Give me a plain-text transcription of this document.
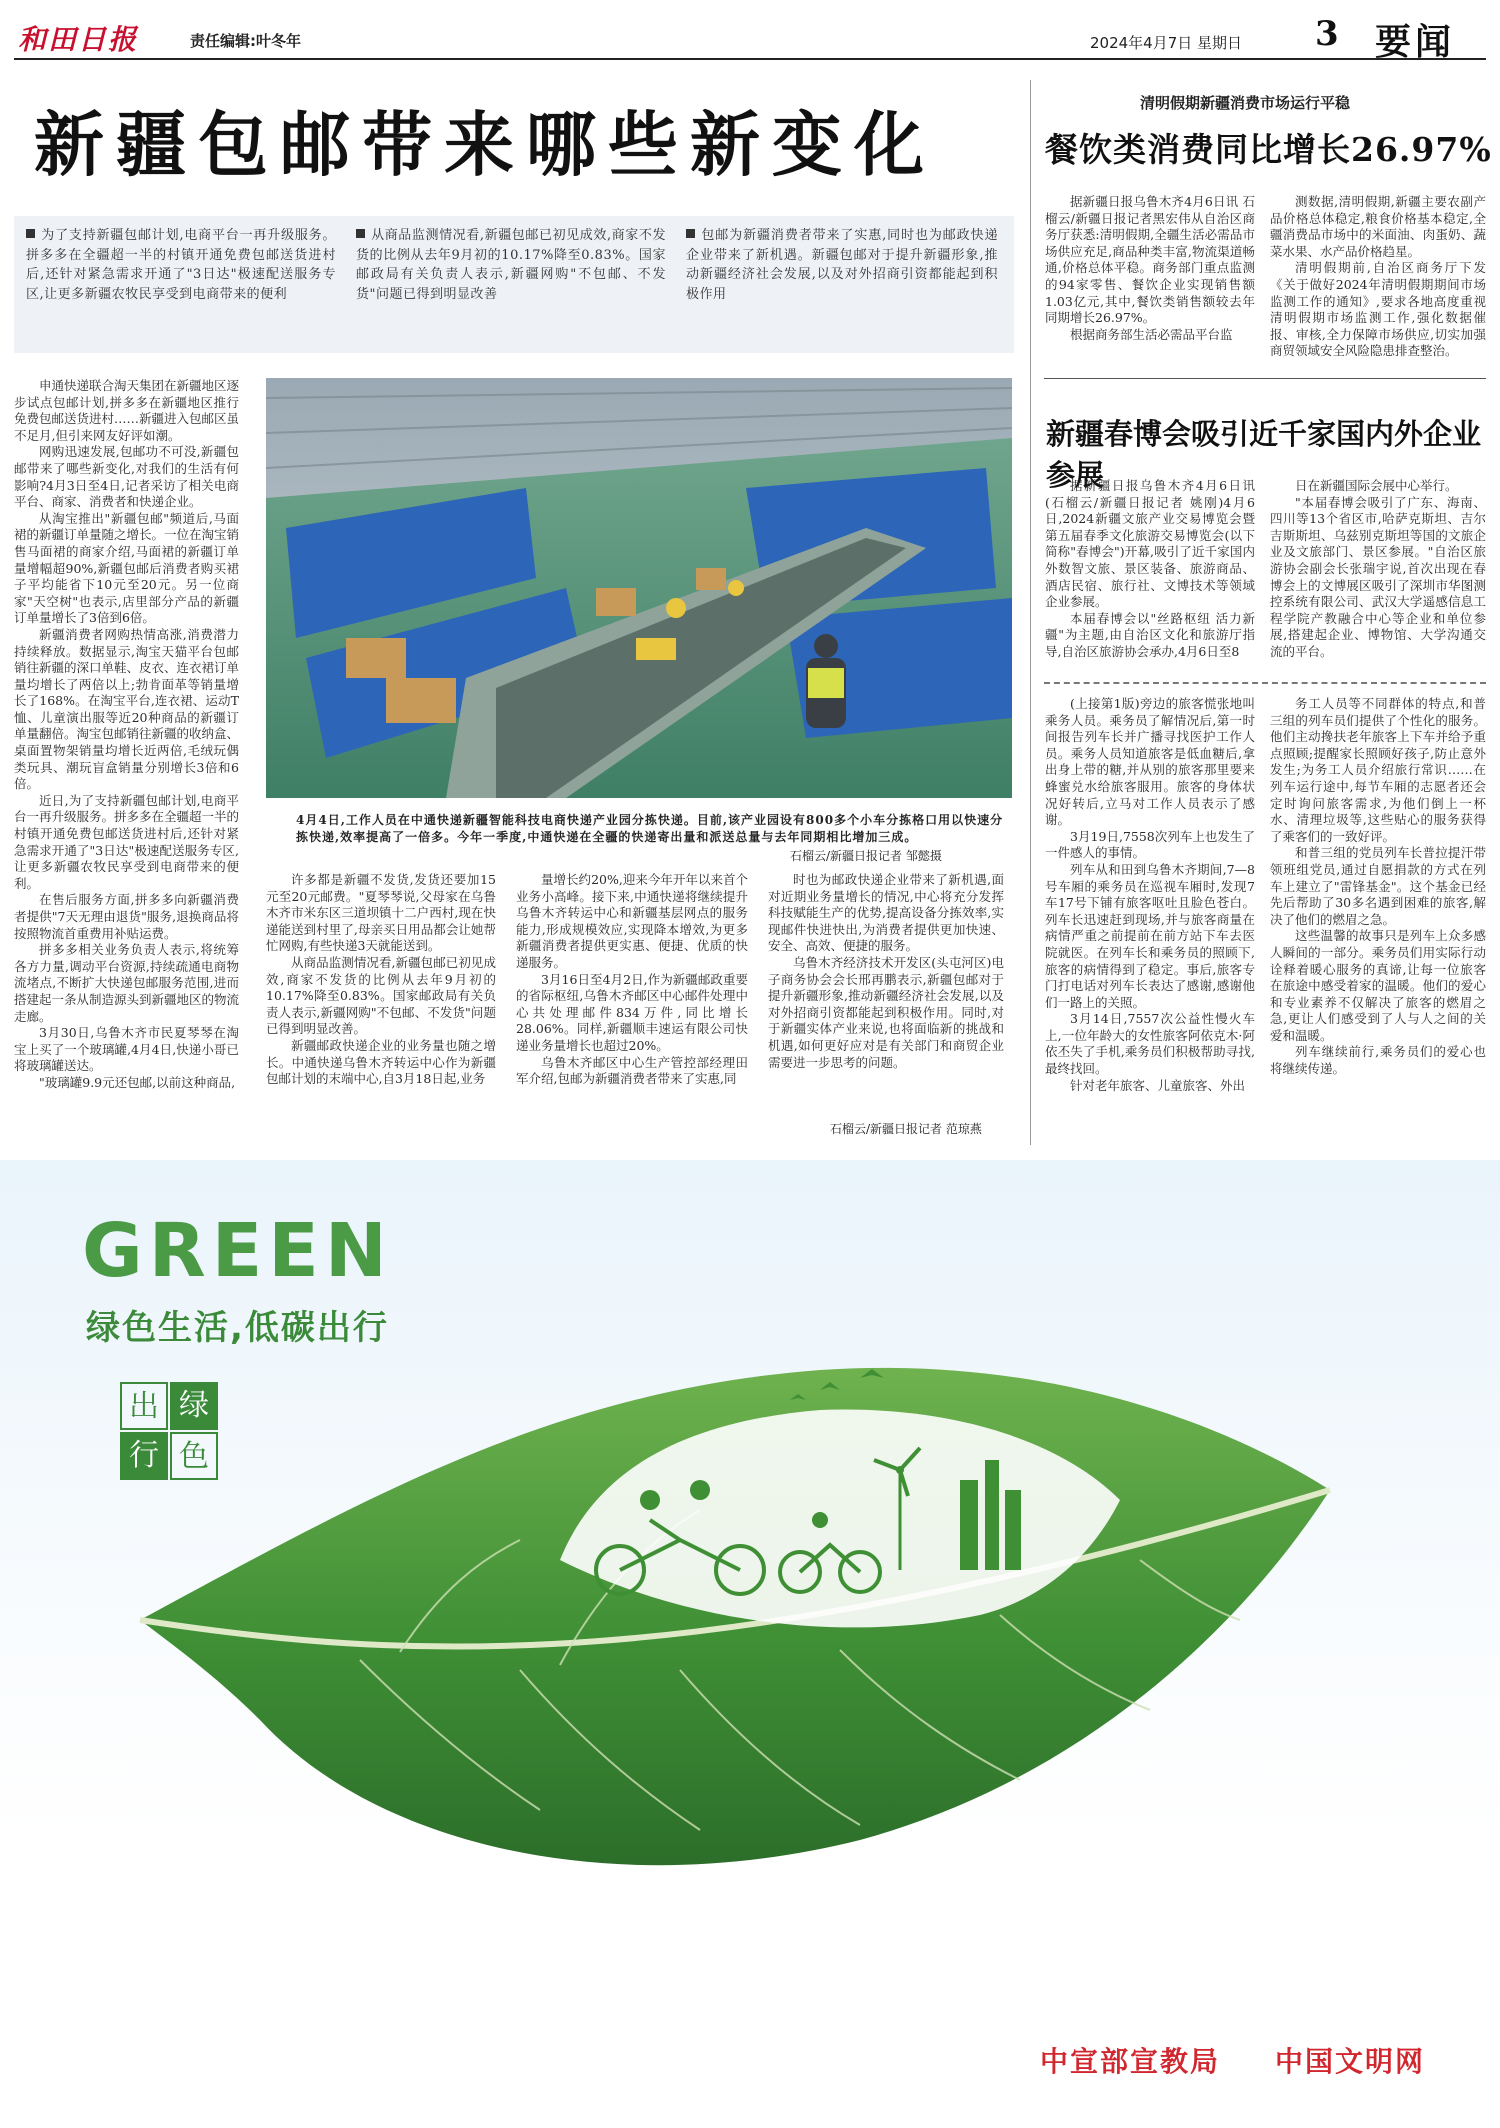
和田日报	责任编辑:叶冬年	2024年4月7日 星期日 3 要闻
新疆包邮带来哪些新变化
为了支持新疆包邮计划,电商平台一再升级服务。拼多多在全疆超一半的村镇开通免费包邮送货进村后,还针对紧急需求开通了"3日达"极速配送服务专区,让更多新疆农牧民享受到电商带来的便利
从商品监测情况看,新疆包邮已初见成效,商家不发货的比例从去年9月初的10.17%降至0.83%。国家邮政局有关负责人表示,新疆网购"不包邮、不发货"问题已得到明显改善
包邮为新疆消费者带来了实惠,同时也为邮政快递企业带来了新机遇。新疆包邮对于提升新疆形象,推动新疆经济社会发展,以及对外招商引资都能起到积极作用

申通快递联合淘天集团在新疆地区逐步试点包邮计划,拼多多在新疆地区推行免费包邮送货进村……新疆进入包邮区虽不足月,但引来网友好评如潮。

网购迅速发展,包邮功不可没,新疆包邮带来了哪些新变化,对我们的生活有何影响?4月3日至4日,记者采访了相关电商平台、商家、消费者和快递企业。

从淘宝推出"新疆包邮"频道后,马面裙的新疆订单量随之增长。一位在淘宝销售马面裙的商家介绍,马面裙的新疆订单量增幅超90%,新疆包邮后消费者购买裙子平均能省下10元至20元。另一位商家"天空树"也表示,店里部分产品的新疆订单量增长了3倍到6倍。

新疆消费者网购热情高涨,消费潜力持续释放。数据显示,淘宝天猫平台包邮销往新疆的深口单鞋、皮衣、连衣裙订单量均增长了两倍以上;勃肯面革等销量增长了168%。在淘宝平台,连衣裙、运动T恤、儿童演出服等近20种商品的新疆订单量翻倍。淘宝包邮销往新疆的收纳盒、桌面置物架销量均增长近两倍,毛绒玩偶类玩具、潮玩盲盒销量分别增长3倍和6倍。

近日,为了支持新疆包邮计划,电商平台一再升级服务。拼多多在全疆超一半的村镇开通免费包邮送货进村后,还针对紧急需求开通了"3日达"极速配送服务专区,让更多新疆农牧民享受到电商带来的便利。

在售后服务方面,拼多多向新疆消费者提供"7天无理由退货"服务,退换商品将按照物流首重费用补贴运费。

拼多多相关业务负责人表示,将统筹各方力量,调动平台资源,持续疏通电商物流堵点,不断扩大快递包邮服务范围,进而搭建起一条从制造源头到新疆地区的物流走廊。

3月30日,乌鲁木齐市民夏琴琴在淘宝上买了一个玻璃罐,4月4日,快递小哥已将玻璃罐送达。

"玻璃罐9.9元还包邮,以前这种商品,

4月4日,工作人员在中通快递新疆智能科技电商快递产业园分拣快递。目前,该产业园设有800多个小车分拣格口用以快速分拣快递,效率提高了一倍多。今年一季度,中通快递在全疆的快递寄出量和派送总量与去年同期相比增加三成。
石榴云/新疆日报记者 邹懿摄

许多都是新疆不发货,发货还要加15元至20元邮费。"夏琴琴说,父母家在乌鲁木齐市米东区三道坝镇十二户西村,现在快递能送到村里了,母亲买日用品都会让她帮忙网购,有些快递3天就能送到。

从商品监测情况看,新疆包邮已初见成效,商家不发货的比例从去年9月初的10.17%降至0.83%。国家邮政局有关负责人表示,新疆网购"不包邮、不发货"问题已得到明显改善。

新疆邮政快递企业的业务量也随之增长。中通快递乌鲁木齐转运中心作为新疆包邮计划的末端中心,自3月18日起,业务

量增长约20%,迎来今年开年以来首个业务小高峰。接下来,中通快递将继续提升乌鲁木齐转运中心和新疆基层网点的服务能力,形成规模效应,实现降本增效,为更多新疆消费者提供更实惠、便捷、优质的快递服务。

3月16日至4月2日,作为新疆邮政重要的省际枢纽,乌鲁木齐邮区中心邮件处理中心共处理邮件834万件,同比增长28.06%。同样,新疆顺丰速运有限公司快递业务量增长也超过20%。

乌鲁木齐邮区中心生产管控部经理田军介绍,包邮为新疆消费者带来了实惠,同

时也为邮政快递企业带来了新机遇,面对近期业务量增长的情况,中心将充分发挥科技赋能生产的优势,提高设备分拣效率,实现邮件快进快出,为消费者提供更加快速、安全、高效、便捷的服务。

乌鲁木齐经济技术开发区(头屯河区)电子商务协会会长邢再鹏表示,新疆包邮对于提升新疆形象,推动新疆经济社会发展,以及对外招商引资都能起到积极作用。同时,对于新疆实体产业来说,也将面临新的挑战和机遇,如何更好应对是有关部门和商贸企业需要进一步思考的问题。

石榴云/新疆日报记者 范琼燕
清明假期新疆消费市场运行平稳
餐饮类消费同比增长26.97%

据新疆日报乌鲁木齐4月6日讯 石榴云/新疆日报记者黑宏伟从自治区商务厅获悉:清明假期,全疆生活必需品市场供应充足,商品种类丰富,物流渠道畅通,价格总体平稳。商务部门重点监测的94家零售、餐饮企业实现销售额1.03亿元,其中,餐饮类销售额较去年同期增长26.97%。

根据商务部生活必需品平台监

测数据,清明假期,新疆主要农副产品价格总体稳定,粮食价格基本稳定,全疆消费品市场中的米面油、肉蛋奶、蔬菜水果、水产品价格趋星。

清明假期前,自治区商务厅下发《关于做好2024年清明假期期间市场监测工作的通知》,要求各地高度重视清明假期市场监测工作,强化数据催报、审核,全力保障市场供应,切实加强商贸领域安全风险隐患排查整治。

新疆春博会吸引近千家国内外企业参展

据新疆日报乌鲁木齐4月6日讯 (石榴云/新疆日报记者 姚刚)4月6日,2024新疆文旅产业交易博览会暨第五届春季文化旅游交易博览会(以下简称"春博会")开幕,吸引了近千家国内外数智文旅、景区装备、旅游商品、酒店民宿、旅行社、文博技术等领域企业参展。

本届春博会以"丝路枢纽 活力新疆"为主题,由自治区文化和旅游厅指导,自治区旅游协会承办,4月6日至8

日在新疆国际会展中心举行。

"本届春博会吸引了广东、海南、四川等13个省区市,哈萨克斯坦、吉尔吉斯斯坦、乌兹别克斯坦等国的文旅企业及文旅部门、景区参展。"自治区旅游协会副会长张瑞宇说,首次出现在春博会上的文博展区吸引了深圳市华图测控系统有限公司、武汉大学遥感信息工程学院产教融合中心等企业和单位参展,搭建起企业、博物馆、大学沟通交流的平台。

(上接第1版)旁边的旅客慌张地叫乘务人员。乘务员了解情况后,第一时间报告列车长并广播寻找医护工作人员。乘务人员知道旅客是低血糖后,拿出身上带的糖,并从别的旅客那里要来蜂蜜兑水给旅客服用。旅客的身体状况好转后,立马对工作人员表示了感谢。

3月19日,7558次列车上也发生了一件感人的事情。

列车从和田到乌鲁木齐期间,7—8号车厢的乘务员在巡视车厢时,发现7车17号下铺有旅客呕吐且脸色苍白。列车长迅速赶到现场,并与旅客商量在病情严重之前提前在前方站下车去医院就医。在列车长和乘务员的照顾下,旅客的病情得到了稳定。事后,旅客专门打电话对列车长表达了感谢,感谢他们一路上的关照。

3月14日,7557次公益性慢火车上,一位年龄大的女性旅客阿依克木·阿依丕失了手机,乘务员们积极帮助寻找,最终找回。

针对老年旅客、儿童旅客、外出

务工人员等不同群体的特点,和普三组的列车员们提供了个性化的服务。他们主动搀扶老年旅客上下车并给予重点照顾;提醒家长照顾好孩子,防止意外发生;为务工人员介绍旅行常识……在列车运行途中,每节车厢的志愿者还会定时询问旅客需求,为他们倒上一杯水、清理垃圾等,这些贴心的服务获得了乘客们的一致好评。

和普三组的党员列车长普拉提汗带领班组党员,通过自愿捐款的方式在列车上建立了"雷锋基金"。这个基金已经先后帮助了30多名遇到困难的旅客,解决了他们的燃眉之急。

这些温馨的故事只是列车上众多感人瞬间的一部分。乘务员们用实际行动诠释着暖心服务的真谛,让每一位旅客在旅途中感受着家的温暖。他们的爱心和专业素养不仅解决了旅客的燃眉之急,更让人们感受到了人与人之间的关爱和温暖。

列车继续前行,乘务员们的爱心也将继续传递。

GREEN
绿色生活,低碳出行
出 绿
行 色
中宣部宣教局 中国文明网
